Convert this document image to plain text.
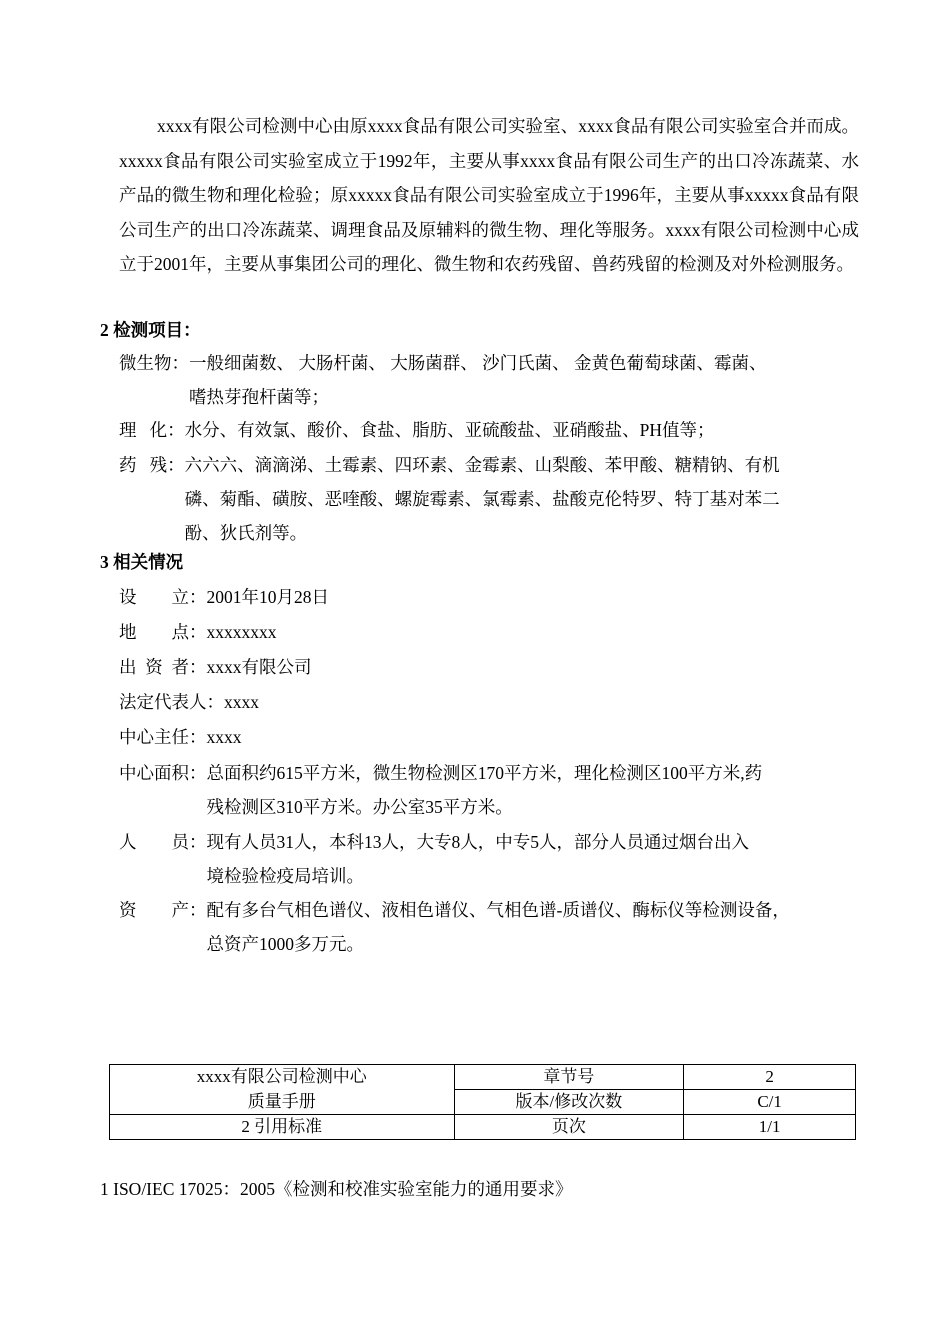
xxxx有限公司检测中心由原xxxx食品有限公司实验室、xxxx食品有限公司实验室合并而成。xxxxx食品有限公司实验室成立于1992年，主要从事xxxx食品有限公司生产的出口冷冻蔬菜、水产品的微生物和理化检验；原xxxxx食品有限公司实验室成立于1996年，主要从事xxxxx食品有限公司生产的出口冷冻蔬菜、调理食品及原辅料的微生物、理化等服务。xxxx有限公司检测中心成立于2001年，主要从事集团公司的理化、微生物和农药残留、兽药残留的检测及对外检测服务。

2 检测项目：

微生物： 一般细菌数、 大肠杆菌、 大肠菌群、 沙门氏菌、 金黄色葡萄球菌、霉菌、
嗜热芽孢杆菌等；
理   化： 水分、有效氯、酸价、食盐、脂肪、亚硫酸盐、亚硝酸盐、PH值等；
药   残： 六六六、滴滴涕、土霉素、四环素、金霉素、山梨酸、苯甲酸、糖精钠、有机
磷、菊酯、磺胺、恶喹酸、螺旋霉素、氯霉素、盐酸克伦特罗、特丁基对苯二
酚、狄氏剂等。

3 相关情况

设        立： 2001年10月28日
地        点： xxxxxxxx
出  资  者： xxxx有限公司
法定代表人： xxxx
中心主任： xxxx
中心面积： 总面积约615平方米，微生物检测区170平方米，理化检测区100平方米,药
残检测区310平方米。办公室35平方米。
人        员： 现有人员31人，本科13人，大专8人，中专5人，部分人员通过烟台出入
境检验检疫局培训。
资        产： 配有多台气相色谱仪、液相色谱仪、气相色谱-质谱仪、酶标仪等检测设备，
总资产1000多万元。
xxxx有限公司检测中心	章节号	2
质量手册	版本/修改次数	C/1
2 引用标准	页次	1/1

1 ISO/IEC 17025：2005《检测和校准实验室能力的通用要求》
